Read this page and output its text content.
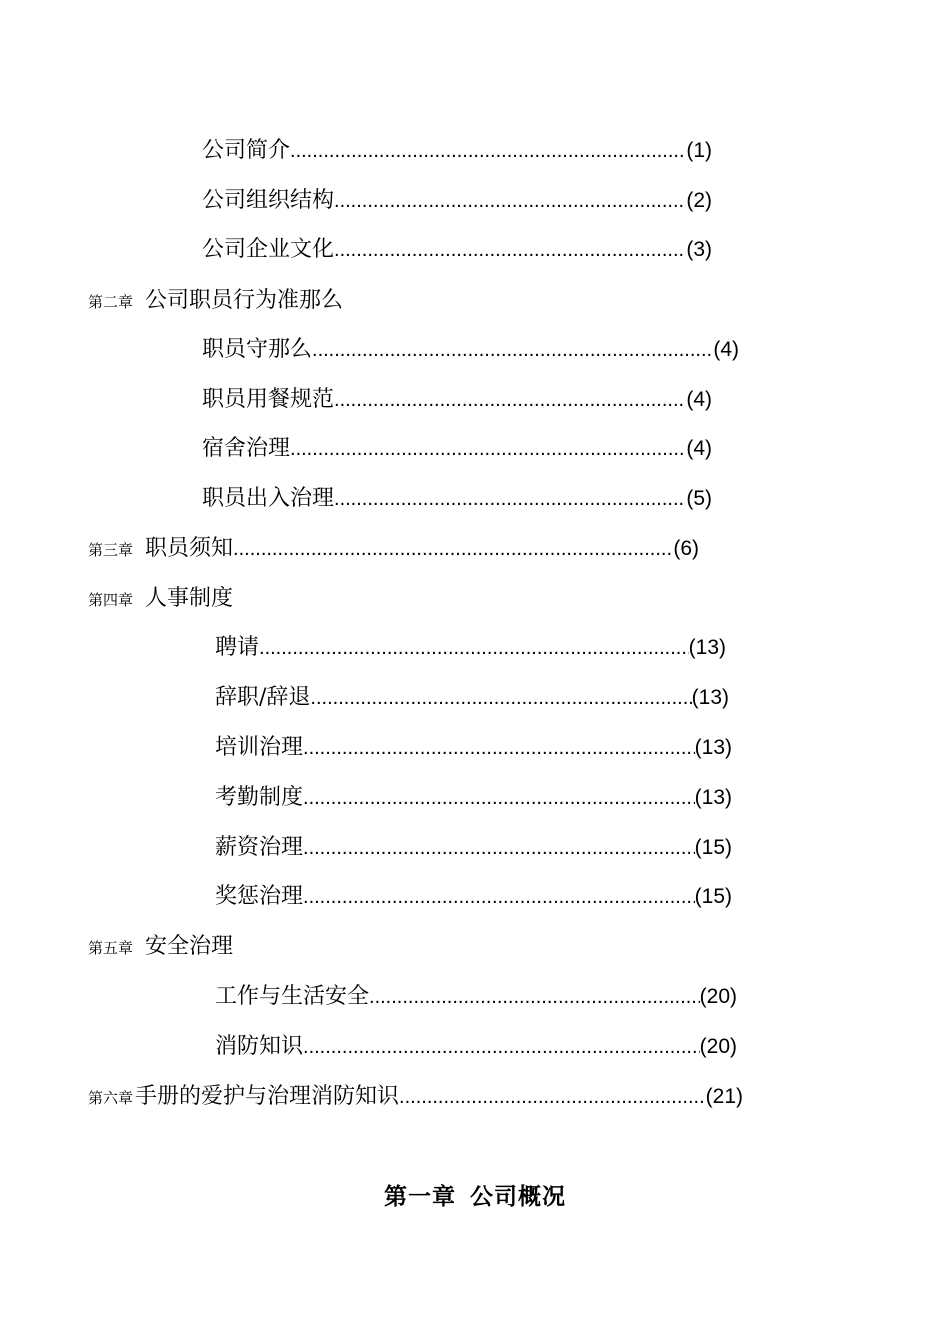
公司简介 .....	(1)
公司组织结构 .....	(2)
公司企业文化 .....	(3)
第二章 公司职员行为准那么
职员守那么 .....	(4)
职员用餐规范 .....	(4)
宿舍治理 .....	(4)
职员出入治理 .....	(5)
第三章 职员须知 .....	(6)
第四章 人事制度
聘请 .....	(13)
辞职/辞退 .....	(13)
培训治理 .....	(13)
考勤制度 .....	(13)
薪资治理 .....	(15)
奖惩治理 .....	(15)
第五章 安全治理
工作与生活安全 .....	(20)
消防知识 .....	(20)
第六章 手册的爱护与治理消防知识 .....	(21)
第一章 公司概况
